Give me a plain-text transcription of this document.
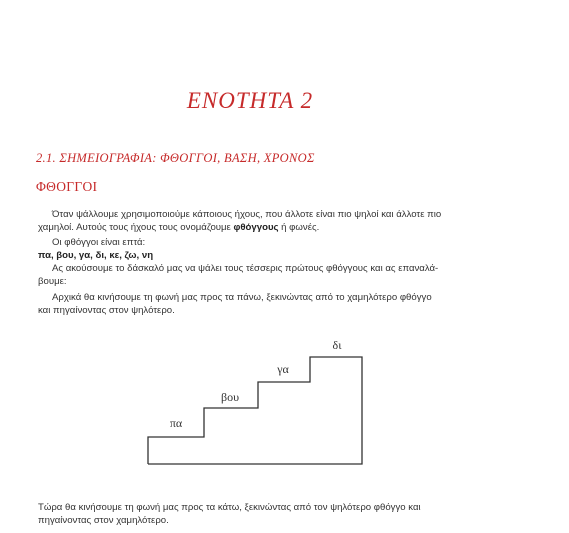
ΕΝΟΤΗΤΑ 2
2.1. ΣΗΜΕΙΟΓΡΑΦΙΑ: ΦΘΟΓΓΟΙ, ΒΑΣΗ, ΧΡΟΝΟΣ
ΦΘΟΓΓΟΙ

Όταν ψάλλουμε χρησιμοποιούμε κάποιους ήχους, που άλλοτε είναι πιο ψηλοί και άλλοτε πιο
χαμηλοί. Αυτούς τους ήχους τους ονομάζουμε φθόγγους ή φωνές.

Οι φθόγγοι είναι επτά:
πα, βου, γα, δι, κε, ζω, νη

Ας ακούσουμε το δάσκαλό μας να ψάλει τους τέσσερις πρώτους φθόγγους και ας επαναλά-
βουμε:

Αρχικά θα κινήσουμε τη φωνή μας προς τα πάνω, ξεκινώντας από το χαμηλότερο φθόγγο
και πηγαίνοντας στον ψηλότερο.

πα
βου
γα
δι

Τώρα θα κινήσουμε τη φωνή μας προς τα κάτω, ξεκινώντας από τον ψηλότερο φθόγγο και
πηγαίνοντας στον χαμηλότερο.
